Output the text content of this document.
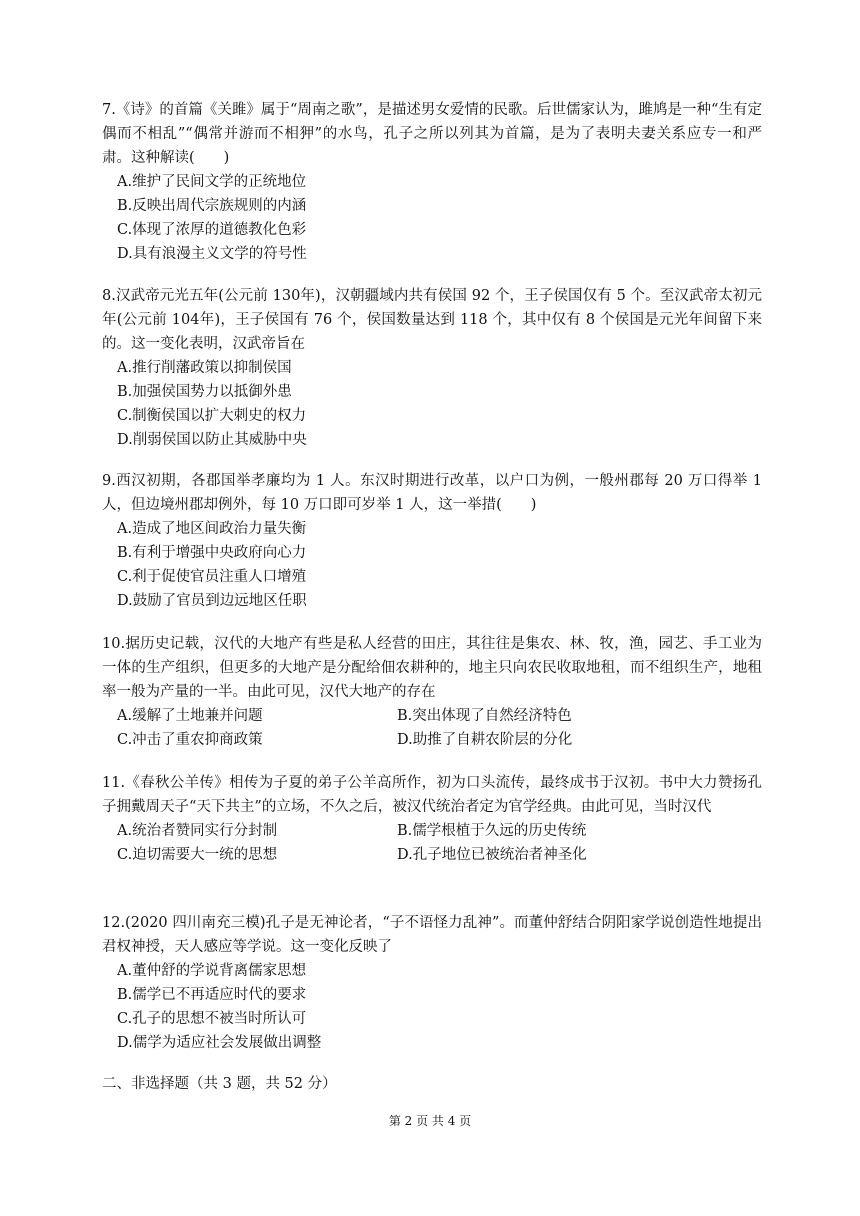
7.《诗》的首篇《关雎》属于“周南之歌”，是描述男女爱情的民歌。后世儒家认为，雎鸠是一种“生有定偶而不相乱”“偶常并游而不相狎”的水鸟，孔子之所以列其为首篇，是为了表明夫妻关系应专一和严肃。这种解读(　　)

A.维护了民间文学的正统地位

B.反映出周代宗族规则的内涵

C.体现了浓厚的道德教化色彩

D.具有浪漫主义文学的符号性

8.汉武帝元光五年(公元前 130年)，汉朝疆域内共有侯国 92 个，王子侯国仅有 5 个。至汉武帝太初元年(公元前 104年)，王子侯国有 76 个，侯国数量达到 118 个，其中仅有 8 个侯国是元光年间留下来的。这一变化表明，汉武帝旨在

A.推行削藩政策以抑制侯国

B.加强侯国势力以抵御外患

C.制衡侯国以扩大刺史的权力

D.削弱侯国以防止其威胁中央

9.西汉初期，各郡国举孝廉均为 1 人。东汉时期进行改革，以户口为例，一般州郡每 20 万口得举 1 人，但边境州郡却例外，每 10 万口即可岁举 1 人，这一举措(　　)

A.造成了地区间政治力量失衡

B.有利于增强中央政府向心力

C.利于促使官员注重人口增殖

D.鼓励了官员到边远地区任职

10.据历史记载，汉代的大地产有些是私人经营的田庄，其往往是集农、林、牧，渔，园艺、手工业为一体的生产组织，但更多的大地产是分配给佃农耕种的，地主只向农民收取地租，而不组织生产，地租率一般为产量的一半。由此可见，汉代大地产的存在

A.缓解了土地兼并问题	B.突出体现了自然经济特色
C.冲击了重农抑商政策	D.助推了自耕农阶层的分化

11.《春秋公羊传》相传为子夏的弟子公羊高所作，初为口头流传，最终成书于汉初。书中大力赞扬孔子拥戴周天子“天下共主”的立场，不久之后，被汉代统治者定为官学经典。由此可见，当时汉代

A.统治者赞同实行分封制	B.儒学根植于久远的历史传统
C.迫切需要大一统的思想	D.孔子地位已被统治者神圣化

12.(2020 四川南充三模)孔子是无神论者，“子不语怪力乱神”。而董仲舒结合阴阳家学说创造性地提出君权神授，天人感应等学说。这一变化反映了

A.董仲舒的学说背离儒家思想

B.儒学已不再适应时代的要求

C.孔子的思想不被当时所认可

D.儒学为适应社会发展做出调整

二、非选择题（共 3 题，共 52 分）

第 2 页 共 4 页
